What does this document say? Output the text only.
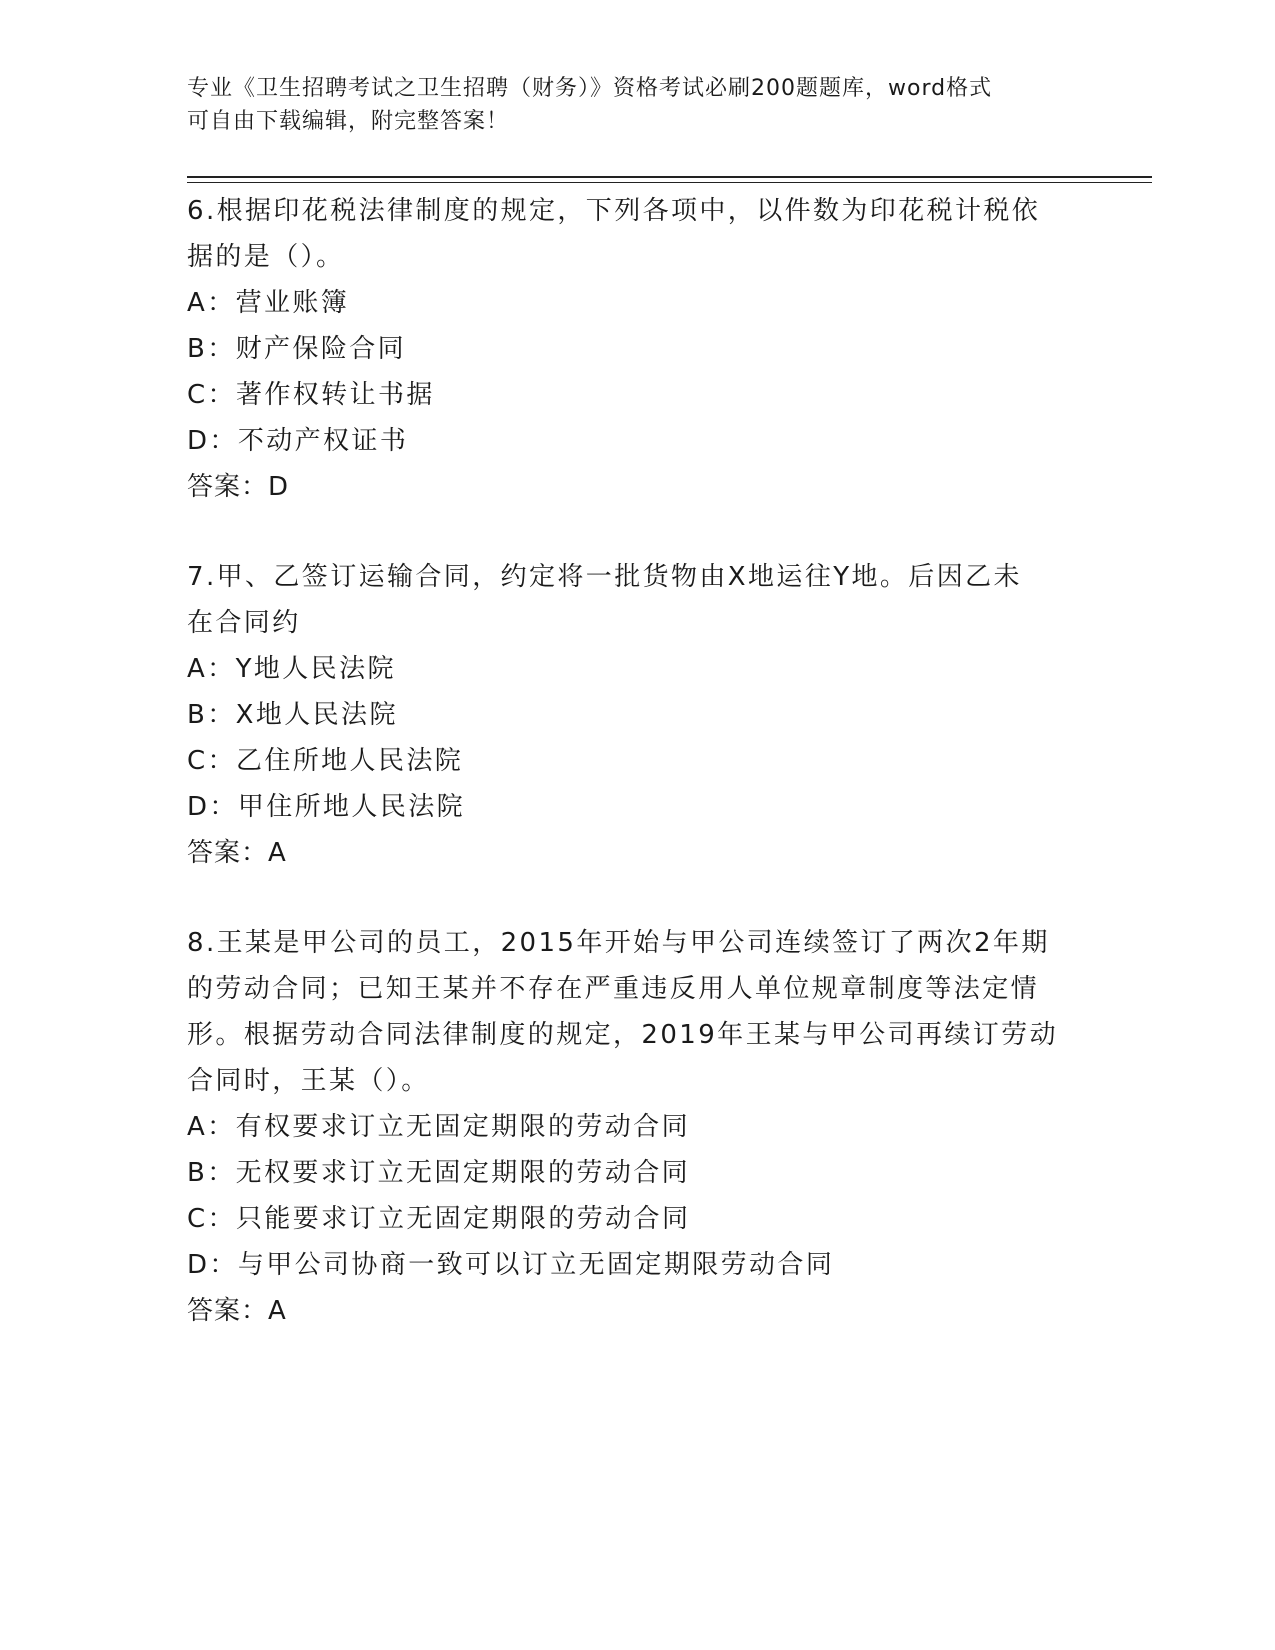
专业《卫生招聘考试之卫生招聘（财务）》资格考试必刷200题题库，word格式
可自由下载编辑，附完整答案！
6.根据印花税法律制度的规定，下列各项中，以件数为印花税计税依
据的是（）。
A：营业账簿
B：财产保险合同
C：著作权转让书据
D：不动产权证书
答案：D
7.甲、乙签订运输合同，约定将一批货物由X地运往Y地。后因乙未
在合同约
A：Y地人民法院
B：X地人民法院
C：乙住所地人民法院
D：甲住所地人民法院
答案：A
8.王某是甲公司的员工，2015年开始与甲公司连续签订了两次2年期
的劳动合同；已知王某并不存在严重违反用人单位规章制度等法定情
形。根据劳动合同法律制度的规定，2019年王某与甲公司再续订劳动
合同时，王某（）。
A：有权要求订立无固定期限的劳动合同
B：无权要求订立无固定期限的劳动合同
C：只能要求订立无固定期限的劳动合同
D：与甲公司协商一致可以订立无固定期限劳动合同
答案：A
